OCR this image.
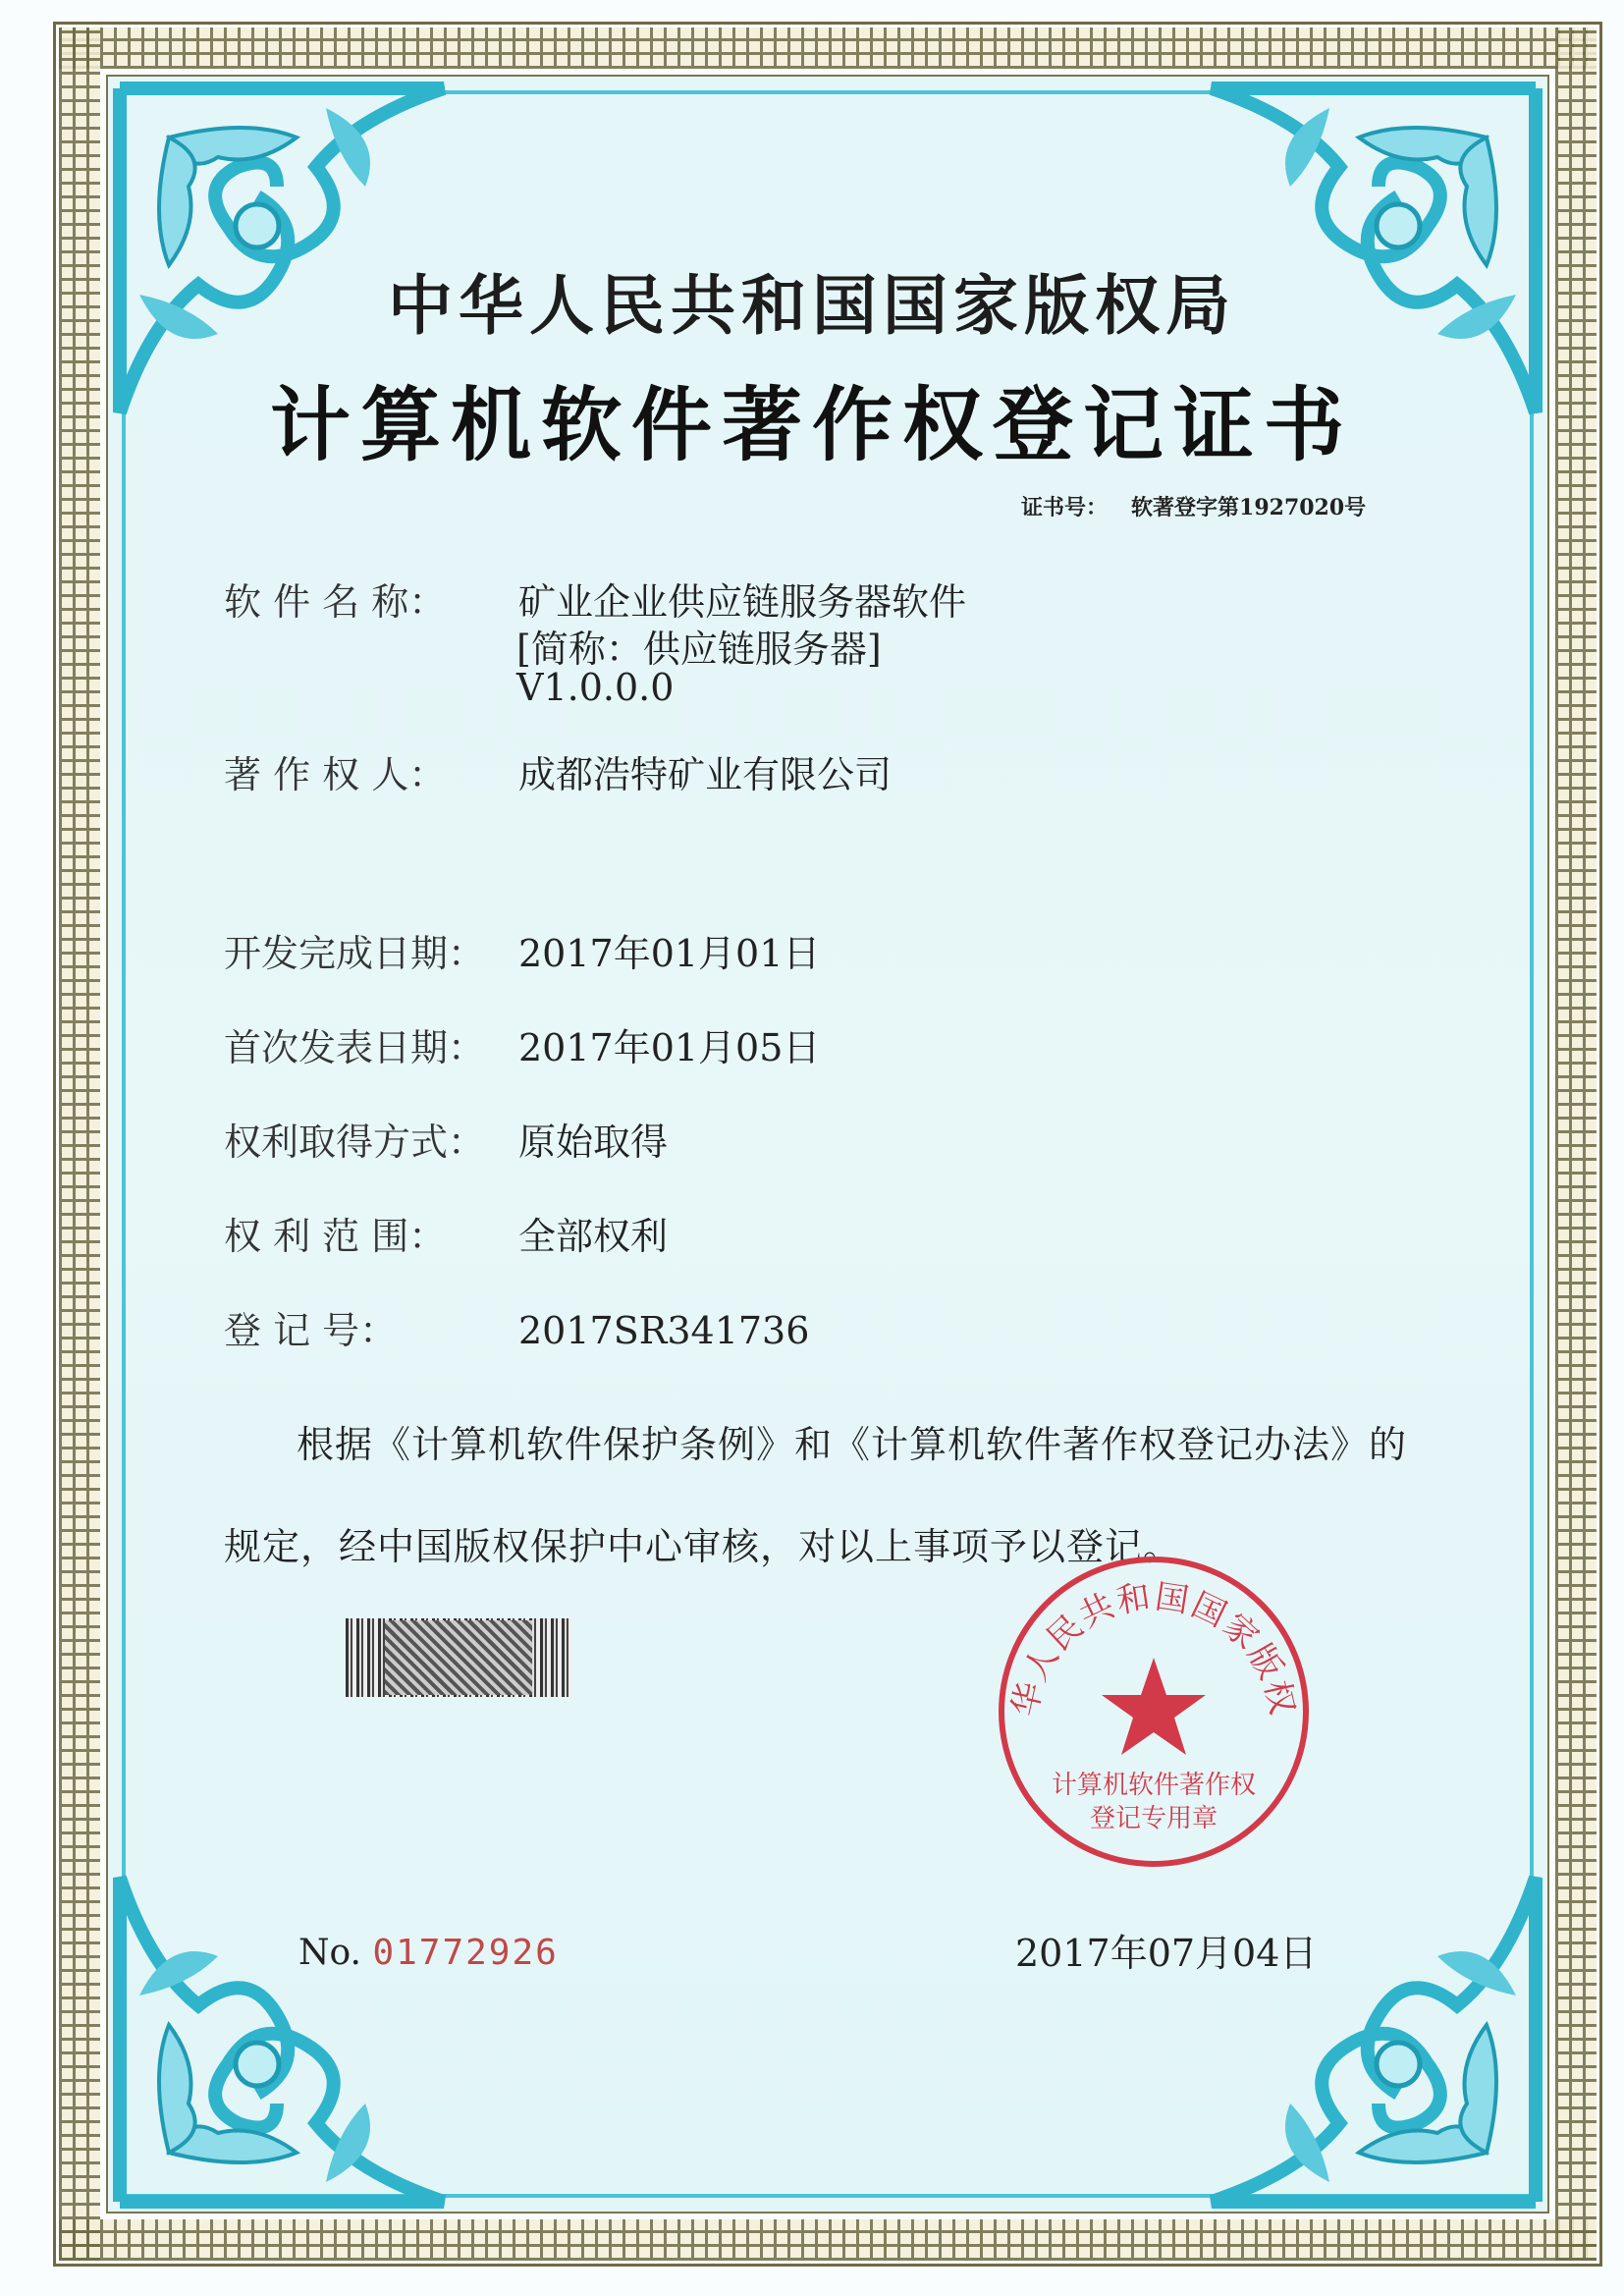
中华人民共和国国家版权局
计算机软件著作权登记证书
证书号： 软著登字第1927020号
软 件 名 称： 矿业企业供应链服务器软件
[简称：供应链服务器]
V1.0.0.0
著 作 权 人： 成都浩特矿业有限公司
开发完成日期： 2017年01月01日
首次发表日期： 2017年01月05日
权利取得方式： 原始取得
权 利 范 围： 全部权利
登 记 号：	2017SR341736
根据《计算机软件保护条例》和《计算机软件著作权登记办法》的
规定，经中国版权保护中心审核，对以上事项予以登记。
No. 01772926
华人民共和国国家版权
计算机软件著作权
登记专用章
2017年07月04日
